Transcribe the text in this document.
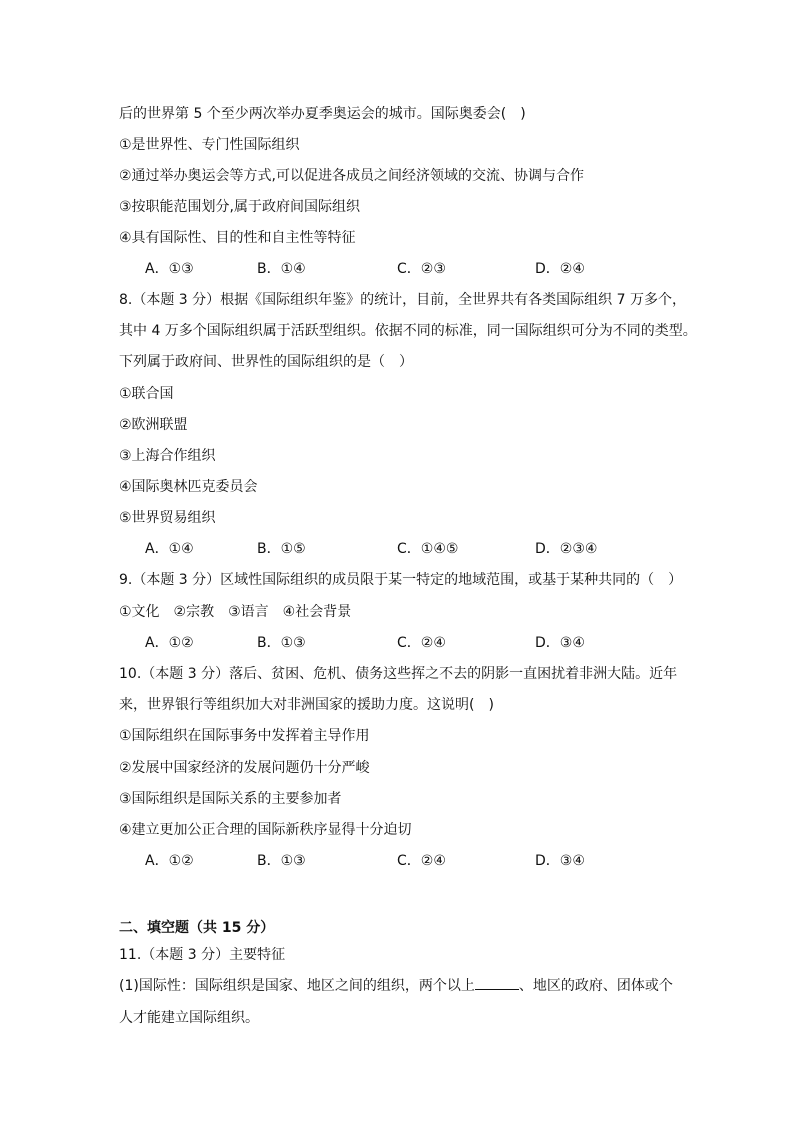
后的世界第 5 个至少两次举办夏季奥运会的城市。国际奥委会(　)
①是世界性、专门性国际组织
②通过举办奥运会等方式,可以促进各成员之间经济领域的交流、协调与合作
③按职能范围划分,属于政府间国际组织
④具有国际性、目的性和自主性等特征
A．①③	B．①④	C．②③	D．②④
8.（本题 3 分）根据《国际组织年鉴》的统计，目前，全世界共有各类国际组织 7 万多个，
其中 4 万多个国际组织属于活跃型组织。依据不同的标准，同一国际组织可分为不同的类型。
下列属于政府间、世界性的国际组织的是（　）
①联合国
②欧洲联盟
③上海合作组织
④国际奥林匹克委员会
⑤世界贸易组织
A．①④	B．①⑤	C．①④⑤	D．②③④
9.（本题 3 分）区域性国际组织的成员限于某一特定的地域范围，或基于某种共同的（　）
①文化　②宗教　③语言　④社会背景
A．①②	B．①③	C．②④	D．③④
10.（本题 3 分）落后、贫困、危机、债务这些挥之不去的阴影一直困扰着非洲大陆。近年
来，世界银行等组织加大对非洲国家的援助力度。这说明(　)
①国际组织在国际事务中发挥着主导作用
②发展中国家经济的发展问题仍十分严峻
③国际组织是国际关系的主要参加者
④建立更加公正合理的国际新秩序显得十分迫切
A．①②	B．①③	C．②④	D．③④
二、填空题（共 15 分）
11.（本题 3 分）主要特征
(1)国际性：国际组织是国家、地区之间的组织，两个以上	、地区的政府、团体或个
人才能建立国际组织。
